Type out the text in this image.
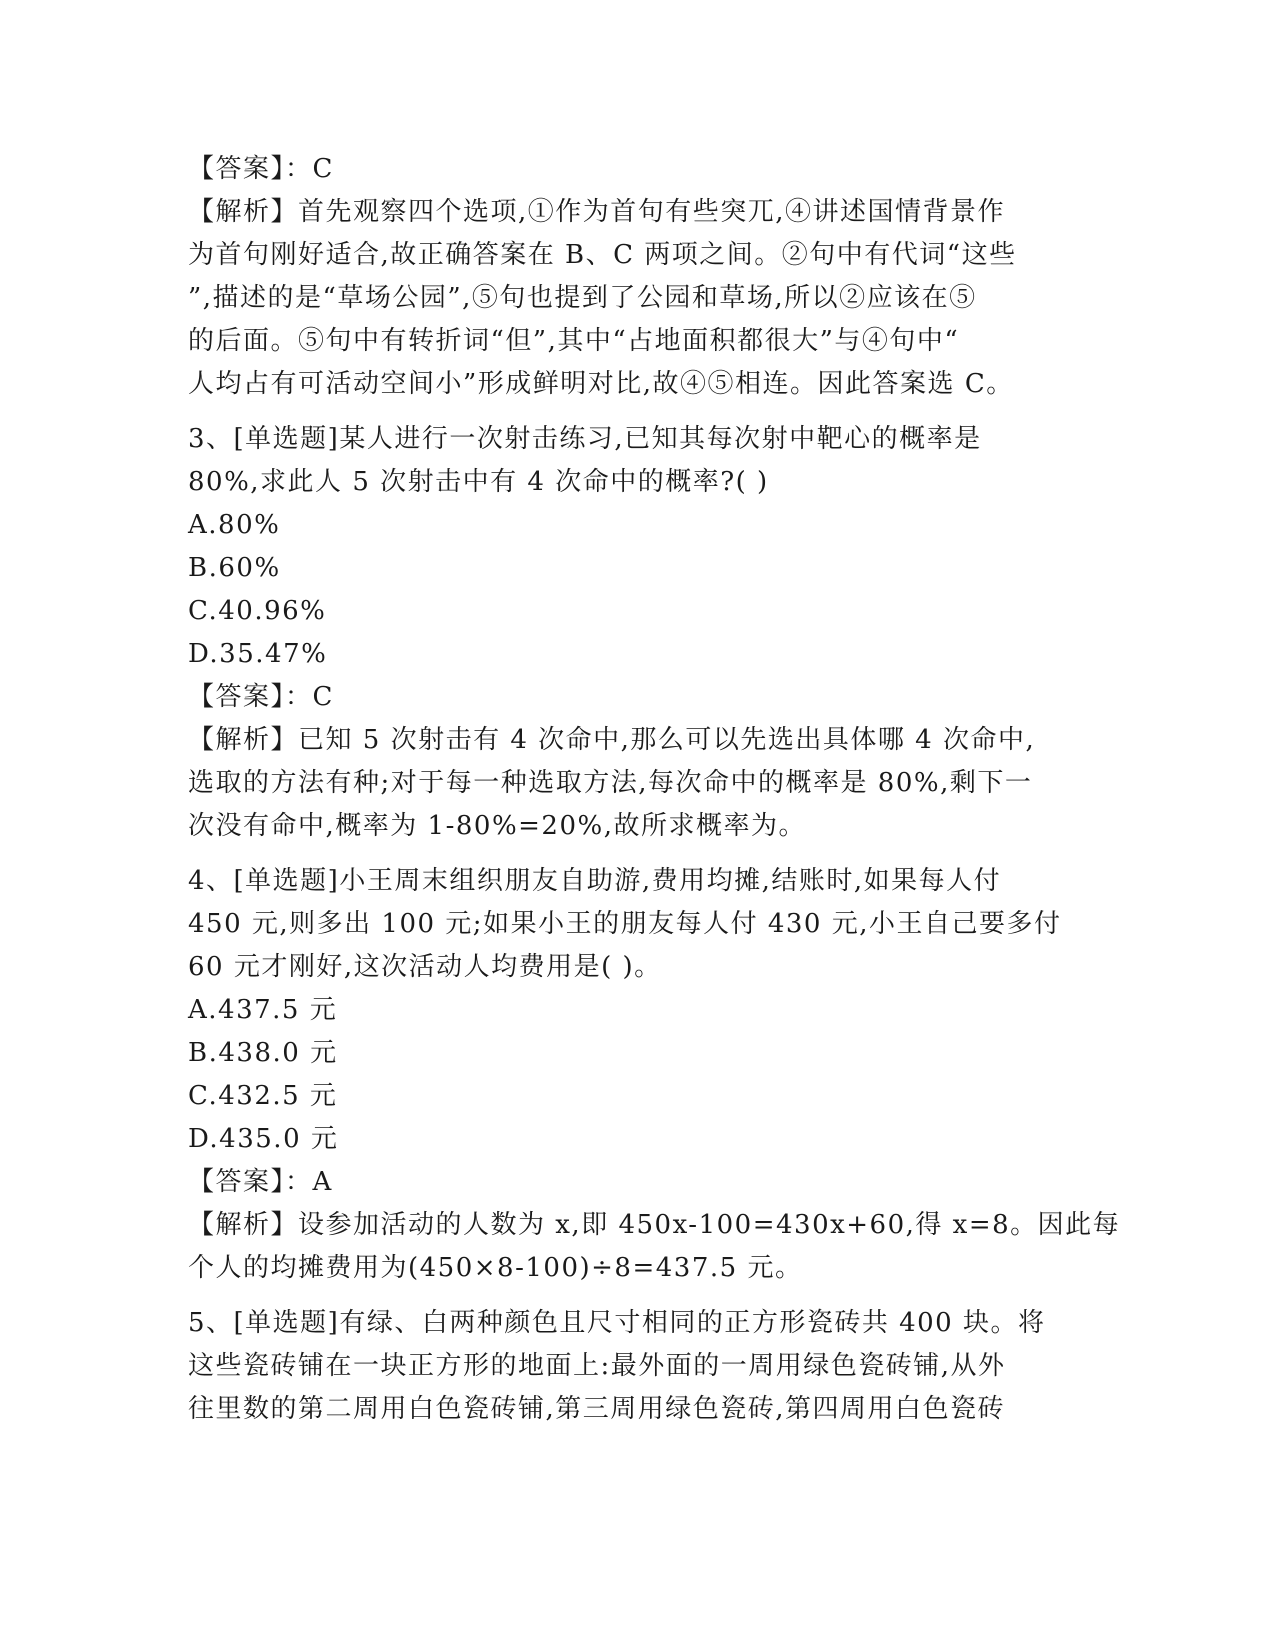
【答案】：C
【解析】首先观察四个选项,①作为首句有些突兀,④讲述国情背景作
为首句刚好适合,故正确答案在 B、C 两项之间。②句中有代词“这些
”,描述的是“草场公园”,⑤句也提到了公园和草场,所以②应该在⑤
的后面。⑤句中有转折词“但”,其中“占地面积都很大”与④句中“
人均占有可活动空间小”形成鲜明对比,故④⑤相连。因此答案选 C。
3、[单选题]某人进行一次射击练习,已知其每次射中靶心的概率是
80%,求此人 5 次射击中有 4 次命中的概率?( )
A.80%
B.60%
C.40.96%
D.35.47%
【答案】：C
【解析】已知 5 次射击有 4 次命中,那么可以先选出具体哪 4 次命中,
选取的方法有种;对于每一种选取方法,每次命中的概率是 80%,剩下一
次没有命中,概率为 1-80%=20%,故所求概率为。
4、[单选题]小王周末组织朋友自助游,费用均摊,结账时,如果每人付
450 元,则多出 100 元;如果小王的朋友每人付 430 元,小王自己要多付
60 元才刚好,这次活动人均费用是( )。
A.437.5 元
B.438.0 元
C.432.5 元
D.435.0 元
【答案】：A
【解析】设参加活动的人数为 x,即 450x-100=430x+60,得 x=8。因此每
个人的均摊费用为(450×8-100)÷8=437.5 元。
5、[单选题]有绿、白两种颜色且尺寸相同的正方形瓷砖共 400 块。将
这些瓷砖铺在一块正方形的地面上:最外面的一周用绿色瓷砖铺,从外
往里数的第二周用白色瓷砖铺,第三周用绿色瓷砖,第四周用白色瓷砖
